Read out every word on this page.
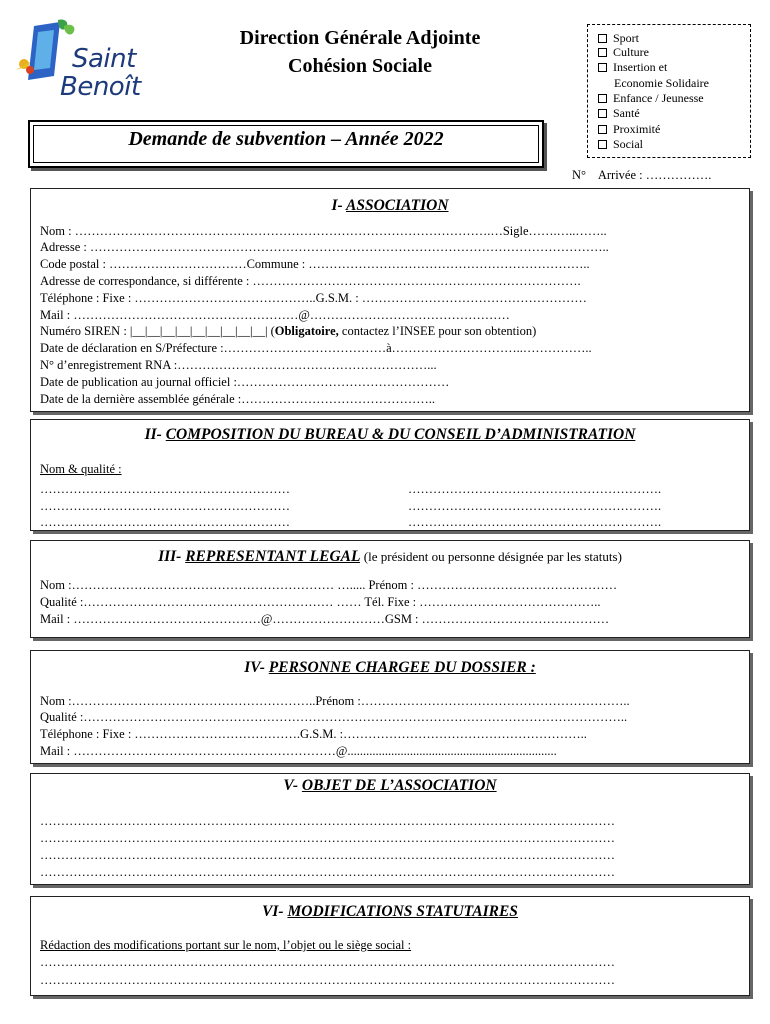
Saint
Benoît
Direction Générale Adjointe
Cohésion Sociale
Demande de subvention – Année 2022
Sport
Culture
Insertion et
Economie Solidaire
Enfance / Jeunesse
Santé
Proximité
Social
N°    Arrivée : …………….
I- ASSOCIATION
Nom : ……………………………………………………………………………………….…Sigle…….…..……..
Adresse : ……………………………………………………………………………………………………………..
Code postal : ……………………………Commune : …………………………………………………………..
Adresse de correspondance, si différente : …………………………………………………………………….
Téléphone : Fixe : ……………………………………..G.S.M. : ………………………………………………
Mail : ………………………………………………@…………………………………………
Numéro SIREN : |__|__|__|__|__|__|__|__|__| (Obligatoire, contactez l’INSEE pour son obtention)
Date de déclaration en S/Préfecture :…………………………………à…………………………..……………..
N° d’enregistrement RNA :……………………………………………………...
Date de publication au journal officiel :……………………………………………
Date de la dernière assemblée générale :………………………………………..
II- COMPOSITION DU BUREAU & DU CONSEIL D’ADMINISTRATION
Nom & qualité :
……………………………………………………
……………………………………………………
……………………………………………………
…………………………………………………….
…………………………………………………….
…………………………………………………….
III- REPRESENTANT LEGAL (le président ou personne désignée par les statuts)
Nom :……………………………………………………… …..... Prénom : …………………………………………
Qualité :…………………………………………………… …… Tél. Fixe : ……………………………………..
Mail : ………………………………………@………………………GSM : ………………………………………
IV- PERSONNE CHARGEE DU DOSSIER :
Nom :…………………………………………………..Prénom :………………………………………………………..
Qualité :…………………………………………………………………………………………………………………..
Téléphone : Fixe : ………………………………….G.S.M. :…………………………………………………..
Mail : ………………………………………………………@...................................................................
V- OBJET DE L’ASSOCIATION
…………………………………………………………………………………………………………………………
…………………………………………………………………………………………………………………………
…………………………………………………………………………………………………………………………
…………………………………………………………………………………………………………………………
VI- MODIFICATIONS STATUTAIRES
Rédaction des modifications portant sur le nom, l’objet ou le siège social :
…………………………………………………………………………………………………………………………
…………………………………………………………………………………………………………………………
